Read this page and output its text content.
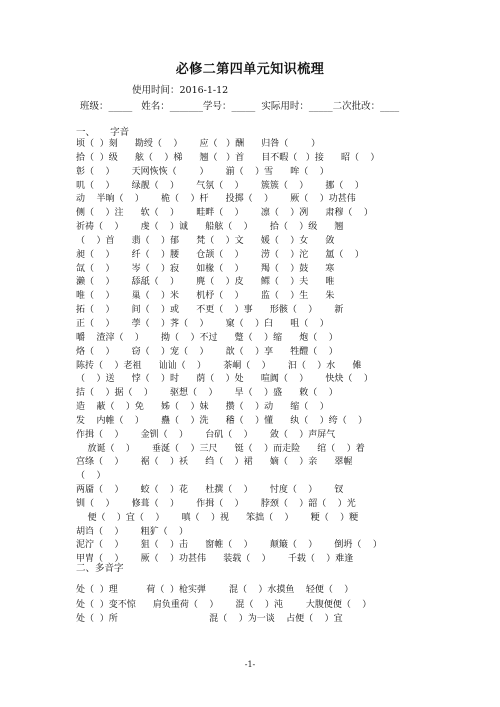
必修二第四单元知识梳理
使用时间：2016-1-12
班级：_____   姓名：_______学号：_____  实际用时：_____二次批改：____
一、     字音
顷（  ）刻      勘绶（    ）      应（   ）酬      归咎（        ）
拾（  ）级      舷（    ）梯      翘（   ）首      目不暇（   ）接      昭（    ）
彰（    ）      天网恢恢（        ）      湔（    ）雪      哞（    ）
叽（    ）      绿靓（    ）      气氛（    ）      簇簇（    ）      挪（    ）
动    半晌（    ）      桅（    ）杆      投掷（    ）      厥（    ）功甚伟
侧（    ）注      软（    ）      畦畔（    ）      凛（    ）冽      肃穆（    ）
祈祷（    ）      虔（    ）诚      船舷（    ）      拾（    ）级      翘
（    ）首      翡（    ）郁      梵（    ）文      媛（    ）女      敛
昶（    ）      纤（    ）腰      仓颉（    ）      涝（    ）沱      氲（    ）
氙（    ）      岑（    ）寂      如椽（    ）      羯（    ）鼓      寒
濑（    ）      舔舐（    ）      麂（    ）皮      鳏（    ）夫      唯
唯（    ）      巢（    ）米      机杼（    ）      监（    ）生      朱
拓（    ）      间（    ）或      不更（    ）事      形骸（    ）      新
正（    ）      荸（    ）荠（    ）      窠（    ）臼      咀（    ）
嚼    渣滓（    ）      拗（    ）不过      蹩（    ）缩      炮（    ）
烙（    ）      窃（    ）宠（    ）      歆（    ）享      牲醴（    ）
陈抟（    ）老祖      讪讪（    ）      茶峒（    ）      汩（    ）水      傩
（    ）送      悖（    ）时      荫（    ）处      喧阗（    ）      快炔（    ）
拮（    ）据（    ）      驱想（    ）      旱（    ）盛      敕（    ）
造    蔽（    ）免      姊（    ）妹      攒（    ）动      缩（    ）
发    内帷（    ）      蠱（    ）洗      稽（    ）懂      纨（    ）绔（    ）
作揖（    ）      金钏（    ）      台矶（    ）      敛（    ）声屏气
放诞（    ）      垂涎（    ）三尺      铤（    ）而走险      绾（    ）着
宫绦（    ）      裾（    ）袄      绉（    ）裙      嫡（    ）亲      翠幄
（    ）
两靥（    ）      蛟（    ）花      杜撰（    ）      忖度（    ）      钗
钏（    ）      修葺（    ）      作揖（    ）      脖颈（    ）韶（    ）光
便（    ）宜（    ）      嗔（    ）视      笨拙（    ）      粳（    ）粳
胡诌（    ）      粗犷（    ）
泥泞（    ）      狙（    ）击      窗帷（    ）      颠簸（    ）      倒坍（    ）
甲胄（    ）      厥（    ）功甚伟      装载（    ）      千载（    ）难逢
二、多音字
处（  ）理          荷（  ）枪实弹        混（    ）水摸鱼    轻便（    ）
处（  ）变不惊      肩负重荷（    ）      混（    ）沌        大腹便便（    ）
处（  ）所                                混（    ）为一谈    占便（    ）宜
-1-
